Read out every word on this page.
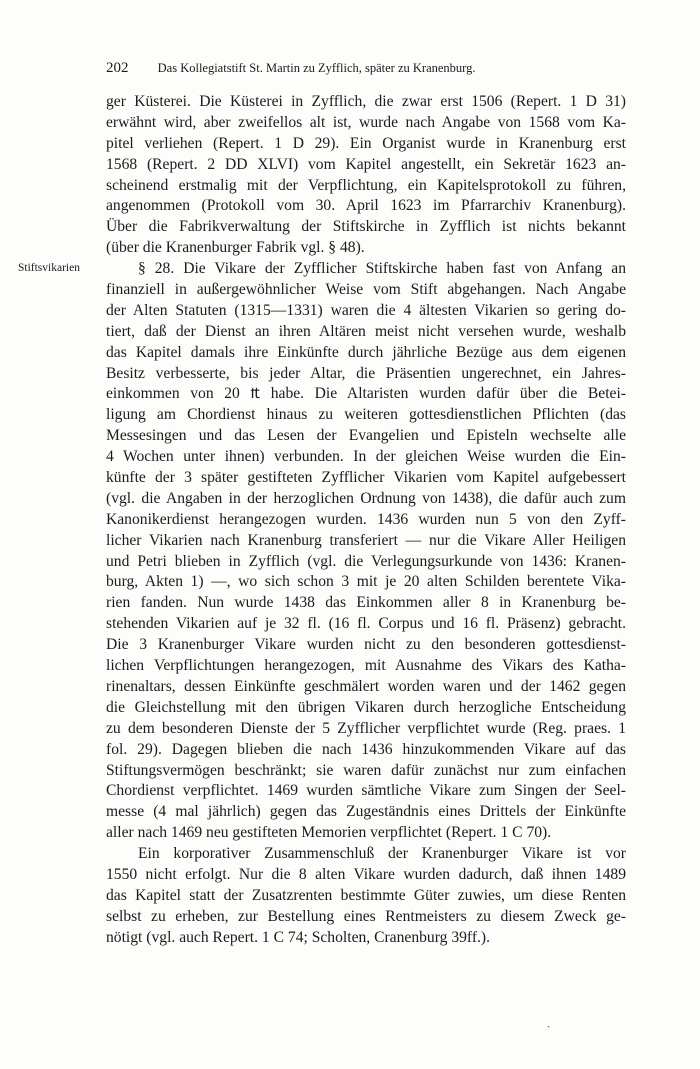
202 Das Kollegiatstift St. Martin zu Zyfflich, später zu Kranenburg.
Stiftsvikarien
ger Küsterei. Die Küsterei in Zyfflich, die zwar erst 1506 (Repert. 1 D 31)
erwähnt wird, aber zweifellos alt ist, wurde nach Angabe von 1568 vom Ka-
pitel verliehen (Repert. 1 D 29). Ein Organist wurde in Kranenburg erst
1568 (Repert. 2 DD XLVI) vom Kapitel angestellt, ein Sekretär 1623 an-
scheinend erstmalig mit der Verpflichtung, ein Kapitelsprotokoll zu führen,
angenommen (Protokoll vom 30. April 1623 im Pfarrarchiv Kranenburg).
Über die Fabrikverwaltung der Stiftskirche in Zyfflich ist nichts bekannt
(über die Kranenburger Fabrik vgl. § 48).
§ 28. Die Vikare der Zyfflicher Stiftskirche haben fast von Anfang an
finanziell in außergewöhnlicher Weise vom Stift abgehangen. Nach Angabe
der Alten Statuten (1315—1331) waren die 4 ältesten Vikarien so gering do-
tiert, daß der Dienst an ihren Altären meist nicht versehen wurde, weshalb
das Kapitel damals ihre Einkünfte durch jährliche Bezüge aus dem eigenen
Besitz verbesserte, bis jeder Altar, die Präsentien ungerechnet, ein Jahres-
einkommen von 20 ₶ habe. Die Altaristen wurden dafür über die Betei-
ligung am Chordienst hinaus zu weiteren gottesdienstlichen Pflichten (das
Messesingen und das Lesen der Evangelien und Episteln wechselte alle
4 Wochen unter ihnen) verbunden. In der gleichen Weise wurden die Ein-
künfte der 3 später gestifteten Zyfflicher Vikarien vom Kapitel aufgebessert
(vgl. die Angaben in der herzoglichen Ordnung von 1438), die dafür auch zum
Kanonikerdienst herangezogen wurden. 1436 wurden nun 5 von den Zyff-
licher Vikarien nach Kranenburg transferiert — nur die Vikare Aller Heiligen
und Petri blieben in Zyfflich (vgl. die Verlegungsurkunde von 1436: Kranen-
burg, Akten 1) —, wo sich schon 3 mit je 20 alten Schilden berentete Vika-
rien fanden. Nun wurde 1438 das Einkommen aller 8 in Kranenburg be-
stehenden Vikarien auf je 32 fl. (16 fl. Corpus und 16 fl. Präsenz) gebracht.
Die 3 Kranenburger Vikare wurden nicht zu den besonderen gottesdienst-
lichen Verpflichtungen herangezogen, mit Ausnahme des Vikars des Katha-
rinenaltars, dessen Einkünfte geschmälert worden waren und der 1462 gegen
die Gleichstellung mit den übrigen Vikaren durch herzogliche Entscheidung
zu dem besonderen Dienste der 5 Zyfflicher verpflichtet wurde (Reg. praes. 1
fol. 29). Dagegen blieben die nach 1436 hinzukommenden Vikare auf das
Stiftungsvermögen beschränkt; sie waren dafür zunächst nur zum einfachen
Chordienst verpflichtet. 1469 wurden sämtliche Vikare zum Singen der Seel-
messe (4 mal jährlich) gegen das Zugeständnis eines Drittels der Einkünfte
aller nach 1469 neu gestifteten Memorien verpflichtet (Repert. 1 C 70).
Ein korporativer Zusammenschluß der Kranenburger Vikare ist vor
1550 nicht erfolgt. Nur die 8 alten Vikare wurden dadurch, daß ihnen 1489
das Kapitel statt der Zusatzrenten bestimmte Güter zuwies, um diese Renten
selbst zu erheben, zur Bestellung eines Rentmeisters zu diesem Zweck ge-
nötigt (vgl. auch Repert. 1 C 74; Scholten, Cranenburg 39ff.).
ˎ
